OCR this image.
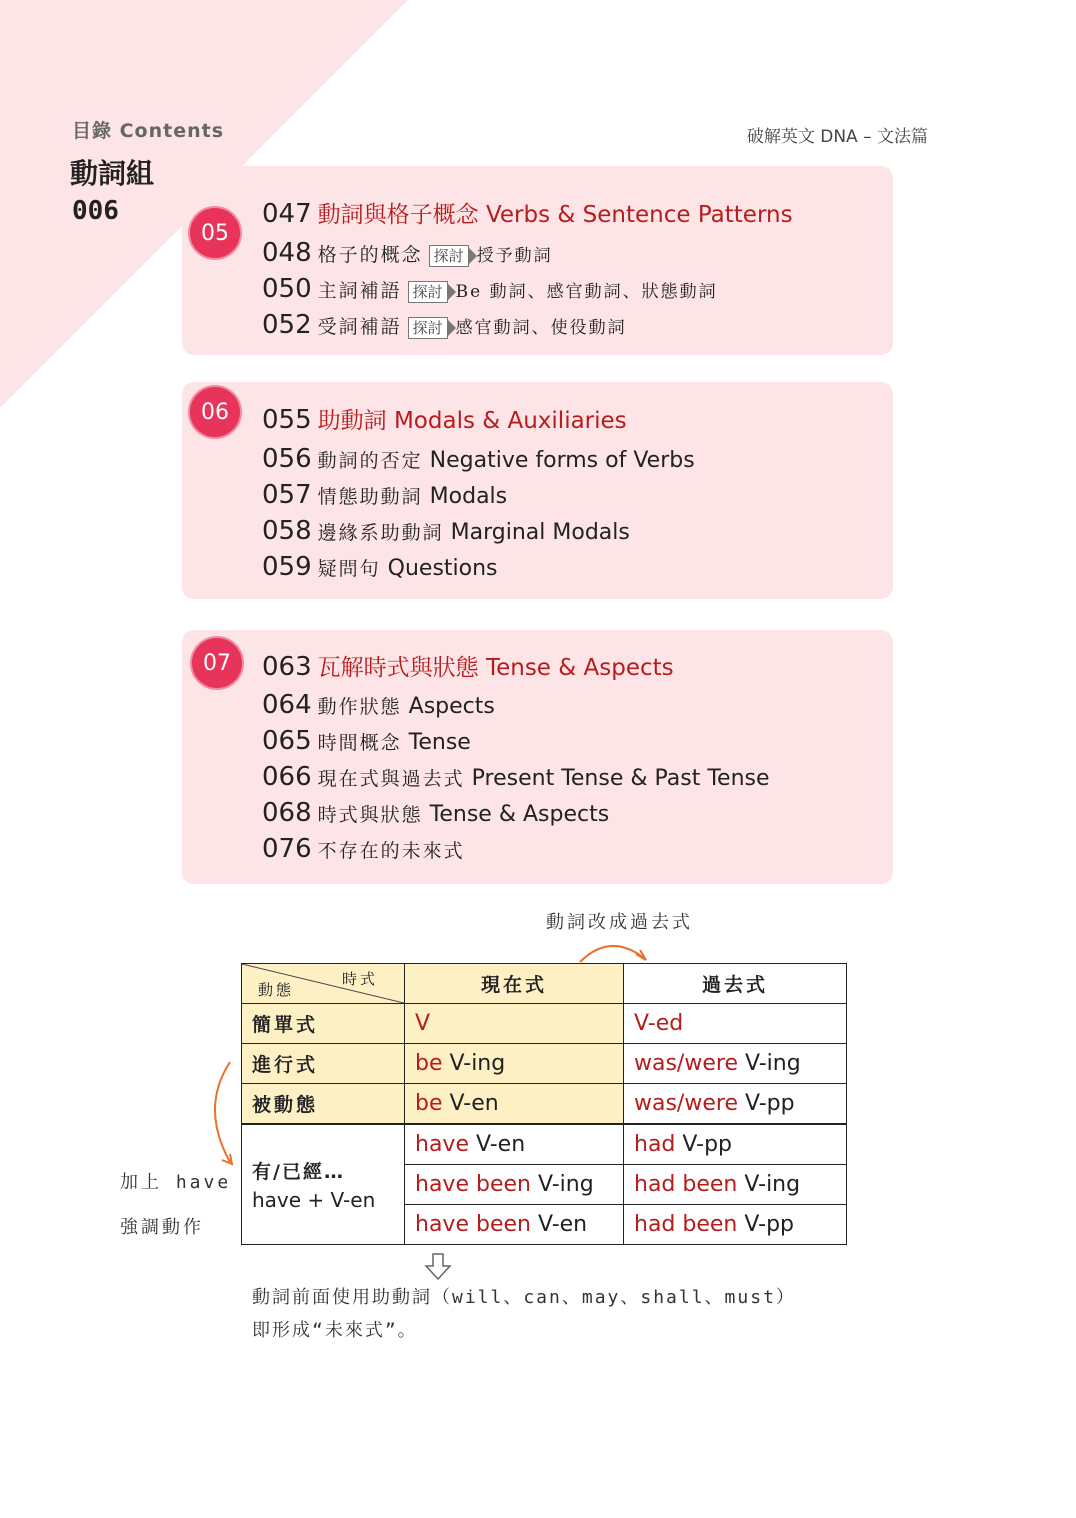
目錄 Contents	破解英文 DNA – 文法篇
動詞組
006
05
047 動詞與格子概念 Verbs & Sentence Patterns
048 格子的概念 探討 授予動詞
050 主詞補語 探討 Be 動詞、感官動詞、狀態動詞
052 受詞補語 探討 感官動詞、使役動詞
06	055 助動詞 Modals & Auxiliaries
056 動詞的否定 Negative forms of Verbs
057 情態助動詞 Modals
058 邊緣系助動詞 Marginal Modals
059 疑問句 Questions
07	063 瓦解時式與狀態 Tense & Aspects
064 動作狀態 Aspects
065 時間概念 Tense
066 現在式與過去式 Present Tense & Past Tense
068 時式與狀態 Tense & Aspects
076 不存在的未來式
動詞改成過去式
加上 have
強調動作
時式
動態	現在式	過去式
簡單式	V	V-ed
進行式	be V-ing	was/were V-ing
被動態	be V-en	was/were V-pp

有/已經…
have + V-en	have V-en	had V-pp
	have been V-ing	had been V-ing
	have been V-en	had been V-pp
動詞前面使用助動詞（will、can、may、shall、must）
即形成“未來式”。
